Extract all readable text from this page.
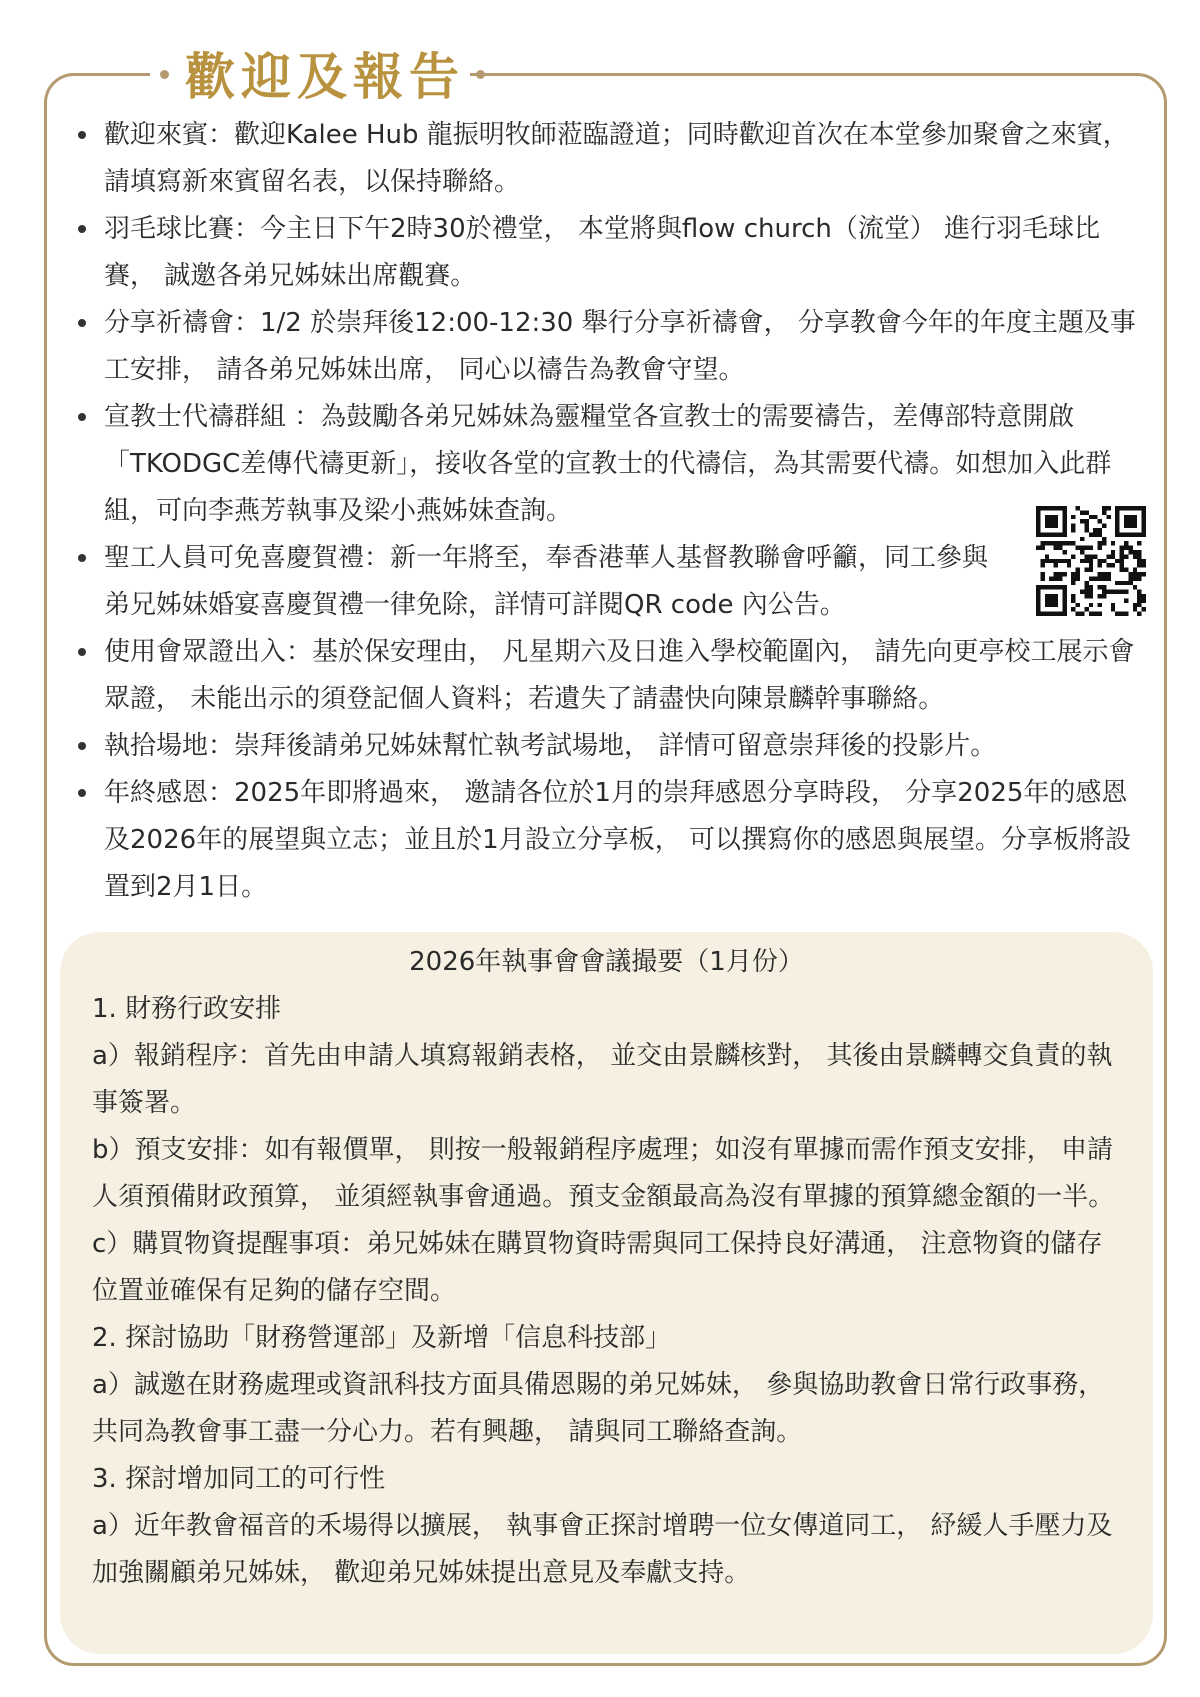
歡迎及報告
歡迎來賓：歡迎Kalee Hub 龍振明牧師蒞臨證道；同時歡迎首次在本堂參加聚會之來賓，請填寫新來賓留名表，以保持聯絡。
羽毛球比賽：今主日下午2時30於禮堂， 本堂將與flow church（流堂） 進行羽毛球比賽， 誠邀各弟兄姊妹出席觀賽。
分享祈禱會：1/2 於崇拜後12:00-12:30 舉行分享祈禱會， 分享教會今年的年度主題及事工安排， 請各弟兄姊妹出席， 同心以禱告為教會守望。
宣教士代禱群組 ：為鼓勵各弟兄姊妹為靈糧堂各宣教士的需要禱告，差傳部特意開啟「TKODGC差傳代禱更新」，接收各堂的宣教士的代禱信，為其需要代禱。如想加入此群組，可向李燕芳執事及梁小燕姊妹查詢。
聖工人員可免喜慶賀禮：新一年將至，奉香港華人基督教聯會呼籲，同工參與弟兄姊妹婚宴喜慶賀禮一律免除，詳情可詳閱QR code 內公告。
使用會眾證出入：基於保安理由， 凡星期六及日進入學校範圍內， 請先向更亭校工展示會眾證， 未能出示的須登記個人資料；若遺失了請盡快向陳景麟幹事聯絡。
執拾場地：崇拜後請弟兄姊妹幫忙執考試場地， 詳情可留意崇拜後的投影片。
年終感恩：2025年即將過來， 邀請各位於1月的崇拜感恩分享時段， 分享2025年的感恩及2026年的展望與立志；並且於1月設立分享板， 可以撰寫你的感恩與展望。分享板將設置到2月1日。

2026年執事會會議撮要（1月份）

1. 財務行政安排

a）報銷程序：首先由申請人填寫報銷表格， 並交由景麟核對， 其後由景麟轉交負責的執事簽署。

b）預支安排：如有報價單， 則按一般報銷程序處理；如沒有單據而需作預支安排， 申請人須預備財政預算， 並須經執事會通過。預支金額最高為沒有單據的預算總金額的一半。

c）購買物資提醒事項：弟兄姊妹在購買物資時需與同工保持良好溝通， 注意物資的儲存位置並確保有足夠的儲存空間。

2. 探討協助「財務營運部」及新增「信息科技部」

a）誠邀在財務處理或資訊科技方面具備恩賜的弟兄姊妹， 參與協助教會日常行政事務， 共同為教會事工盡一分心力。若有興趣， 請與同工聯絡查詢。

3. 探討增加同工的可行性

a）近年教會福音的禾場得以擴展， 執事會正探討增聘一位女傳道同工， 紓緩人手壓力及加強關顧弟兄姊妹， 歡迎弟兄姊妹提出意見及奉獻支持。
